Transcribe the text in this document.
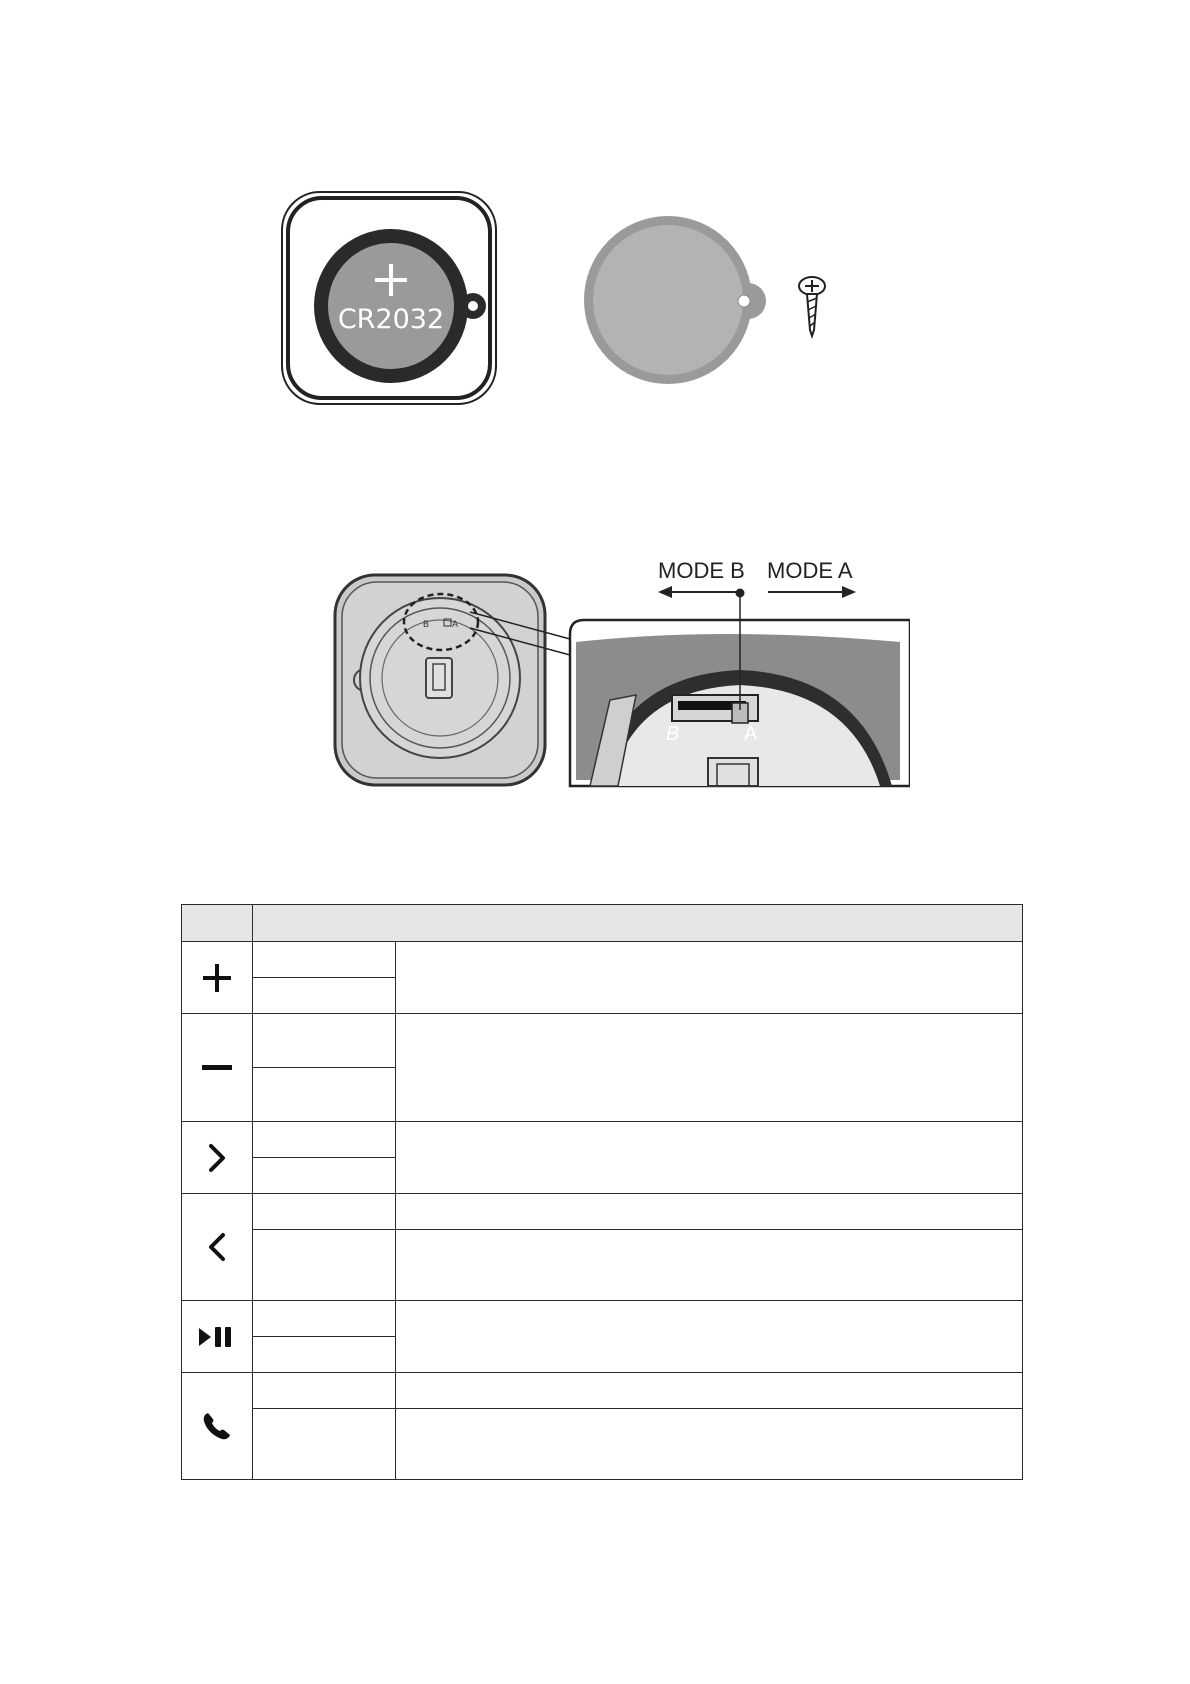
CR2032
B	A
B	A
MODE B MODE A
